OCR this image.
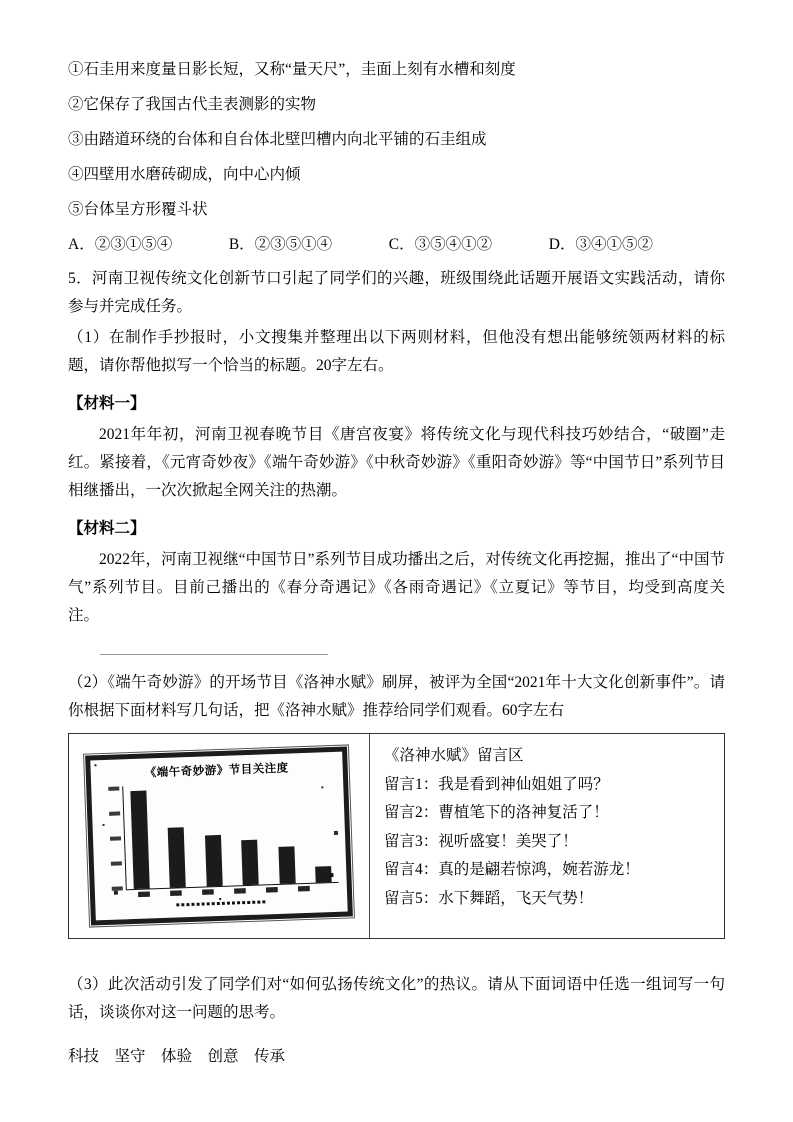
①石圭用来度量日影长短，又称“量天尺”，圭面上刻有水槽和刻度
②它保存了我国古代圭表测影的实物
③由踏道环绕的台体和自台体北壁凹槽内向北平铺的石圭组成
④四壁用水磨砖砌成，向中心内倾
⑤台体呈方形覆斗状
A．②③①⑤④	B．②③⑤①④	C．③⑤④①②	D．③④①⑤②

5．河南卫视传统文化创新节口引起了同学们的兴趣，班级围绕此话题开展语文实践活动，请你参与并完成任务。

（1）在制作手抄报时，小文搜集并整理出以下两则材料，但他没有想出能够统领两材料的标题，请你帮他拟写一个恰当的标题。20字左右。

【材料一】

2021年年初，河南卫视春晚节目《唐宫夜宴》将传统文化与现代科技巧妙结合，“破圈”走红。紧接着，《元宵奇妙夜》《端午奇妙游》《中秋奇妙游》《重阳奇妙游》等“中国节日”系列节目相继播出，一次次掀起全网关注的热潮。

【材料二】

2022年，河南卫视继“中国节日”系列节目成功播出之后，对传统文化再挖掘，推出了“中国节气”系列节目。目前己播出的《春分奇遇记》《各雨奇遇记》《立夏记》等节目，均受到高度关注。

（2）《端午奇妙游》的开场节目《洛神水赋》刷屏，被评为全国“2021年十大文化创新事件”。请你根据下面材料写几句话，把《洛神水赋》推荐给同学们观看。60字左右

《端午奇妙游》节目关注度
███	███	███	███	███	███
▪▪▪▪▪▪▪▪▪▪▪▪▪▪▪▪▪▪
《洛神水赋》留言区
留言1：我是看到神仙姐姐了吗？
留言2：曹植笔下的洛神复活了！
留言3：视听盛宴！美哭了！
留言4：真的是翩若惊鸿，婉若游龙！
留言5：水下舞蹈，飞天气势！

（3）此次活动引发了同学们对“如何弘扬传统文化”的热议。请从下面词语中任选一组词写一句话，谈谈你对这一问题的思考。

科技　坚守　体验　创意　传承
